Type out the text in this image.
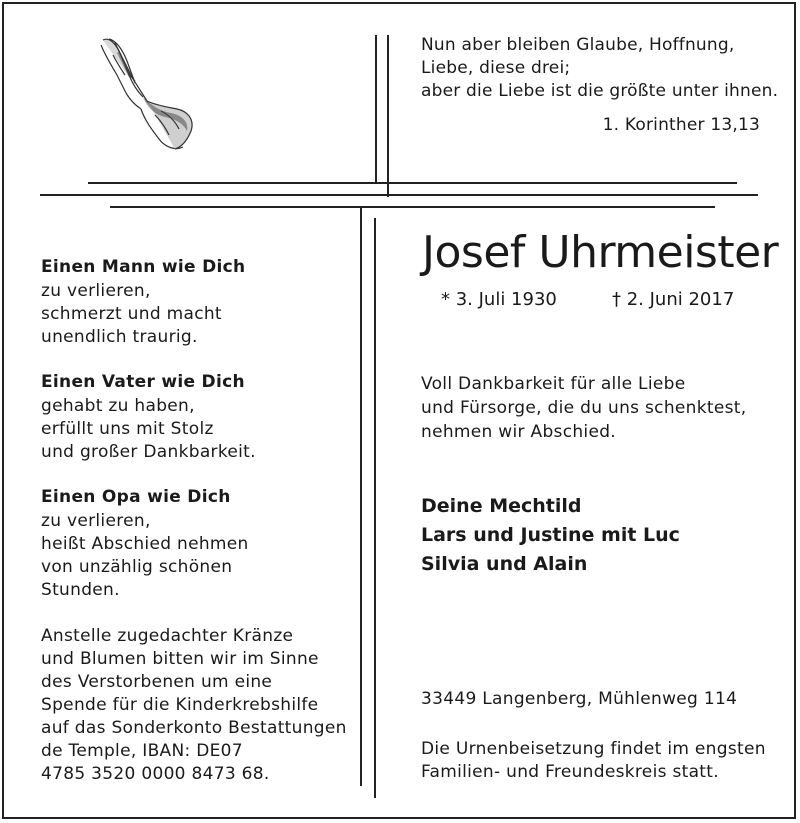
Nun aber bleiben Glaube, Hoffnung,
Liebe, diese drei;
aber die Liebe ist die größte unter ihnen.
1. Korinther 13,13
Josef Uhrmeister
* 3. Juli 1930	† 2. Juni 2017
Einen Mann wie Dich
zu verlieren,
schmerzt und macht
unendlich traurig.
Einen Vater wie Dich
gehabt zu haben,
erfüllt uns mit Stolz
und großer Dankbarkeit.
Einen Opa wie Dich
zu verlieren,
heißt Abschied nehmen
von unzählig schönen
Stunden.
Anstelle zugedachter Kränze
und Blumen bitten wir im Sinne
des Verstorbenen um eine
Spende für die Kinderkrebshilfe
auf das Sonderkonto Bestattungen
de Temple, IBAN: DE07
4785 3520 0000 8473 68.
Voll Dankbarkeit für alle Liebe
und Fürsorge, die du uns schenktest,
nehmen wir Abschied.
Deine Mechtild
Lars und Justine mit Luc
Silvia und Alain
33449 Langenberg, Mühlenweg 114
Die Urnenbeisetzung findet im engsten
Familien- und Freundeskreis statt.
